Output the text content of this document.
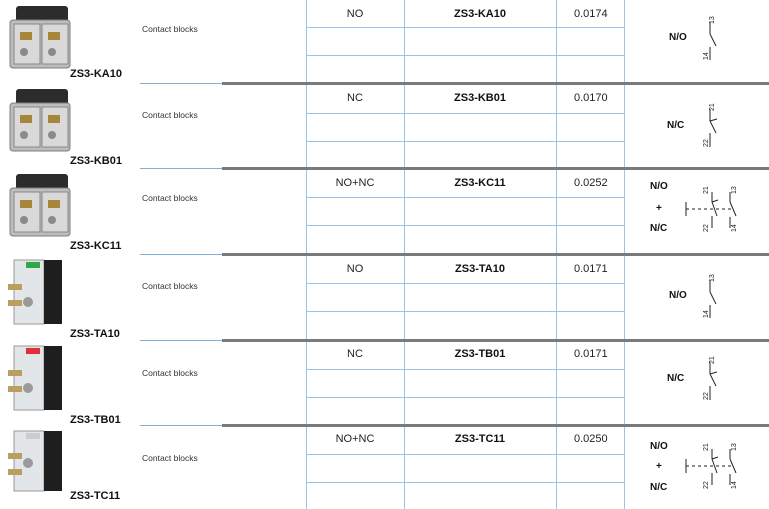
ZS3-KA10
Contact blocks
NO	ZS3-KA10	0.0174
N/O
13
14
ZS3-KB01
Contact blocks
NC	ZS3-KB01	0.0170
N/C
21
22
ZS3-KC11
Contact blocks
NO+NC	ZS3-KC11	0.0252	N/O
+
N/C
21	13
22	14
ZS3-TA10
Contact blocks
NO	ZS3-TA10	0.0171
N/O
13
14
ZS3-TB01
Contact blocks
NC	ZS3-TB01	0.0171
N/C
21
22
ZS3-TC11
Contact blocks
NO+NC	ZS3-TC11	0.0250
N/O
+
N/C
21	13
22	14
